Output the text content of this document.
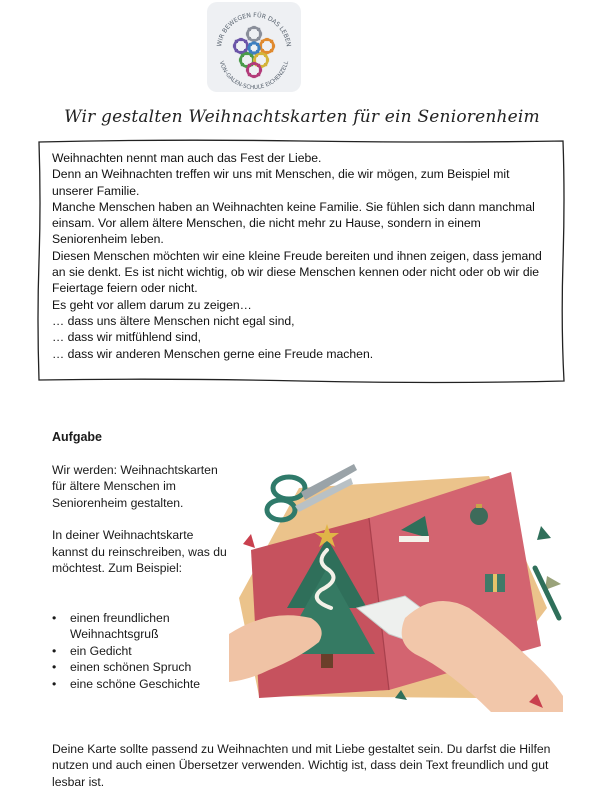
WIR BEWEGEN FÜR DAS LEBEN
VON-GALEN-SCHULE EICHENZELL
Wir gestalten Weihnachtskarten für ein Seniorenheim

Weihnachten nennt man auch das Fest der Liebe.

Denn an Weihnachten treffen wir uns mit Menschen, die wir mögen, zum Beispiel mit unserer Familie.

Manche Menschen haben an Weihnachten keine Familie. Sie fühlen sich dann manchmal einsam. Vor allem ältere Menschen, die nicht mehr zu Hause, sondern in einem Seniorenheim leben.

Diesen Menschen möchten wir eine kleine Freude bereiten und ihnen zeigen, dass jemand an sie denkt. Es ist nicht wichtig, ob wir diese Menschen kennen oder nicht oder ob wir die Feiertage feiern oder nicht.

Es geht vor allem darum zu zeigen…

… dass uns ältere Menschen nicht egal sind,

… dass wir mitfühlend sind,

… dass wir anderen Menschen gerne eine Freude machen.

Aufgabe

Wir werden: Weihnachtskarten für ältere Menschen im Seniorenheim gestalten.

In deiner Weihnachtskarte kannst du reinschreiben, was du möchtest. Zum Beispiel:

• einen freundlichen Weihnachtsgruß
• ein Gedicht
• einen schönen Spruch
• eine schöne Geschichte
Deine Karte sollte passend zu Weihnachten und mit Liebe gestaltet sein. Du darfst die Hilfen nutzen und auch einen Übersetzer verwenden. Wichtig ist, dass dein Text freundlich und gut lesbar ist.
